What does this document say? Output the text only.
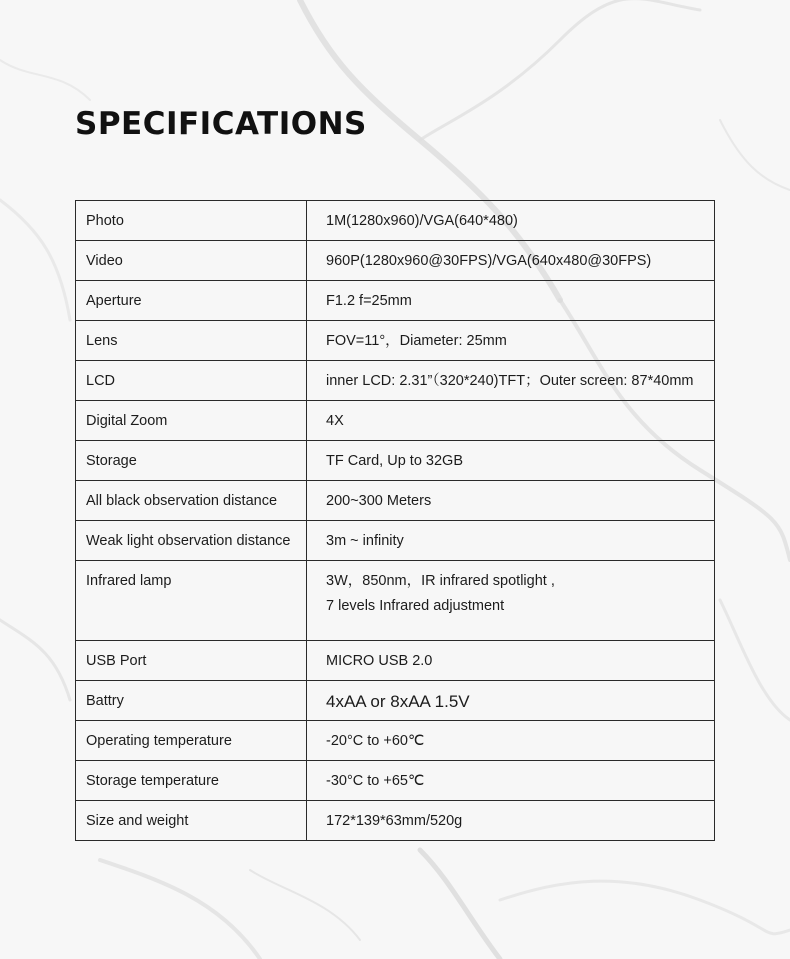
SPECIFICATIONS
Photo	1M(1280x960)/VGA(640*480)

Video	960P(1280x960@30FPS)/VGA(640x480@30FPS)

Aperture	F1.2 f=25mm

Lens	FOV=11°，Diameter: 25mm

LCD	inner LCD: 2.31”（320*240)TFT；Outer screen: 87*40mm

Digital Zoom	4X

Storage	TF Card, Up to 32GB

All black observation distance	200~300 Meters

Weak light observation distance	3m ~ infinity

Infrared lamp	3W，850nm，IR infrared spotlight ,
7 levels Infrared adjustment

USB Port	MICRO USB 2.0

Battry	4xAA or 8xAA 1.5V

Operating temperature	-20°C to +60℃

Storage temperature	-30°C to +65℃

Size and weight	172*139*63mm/520g
